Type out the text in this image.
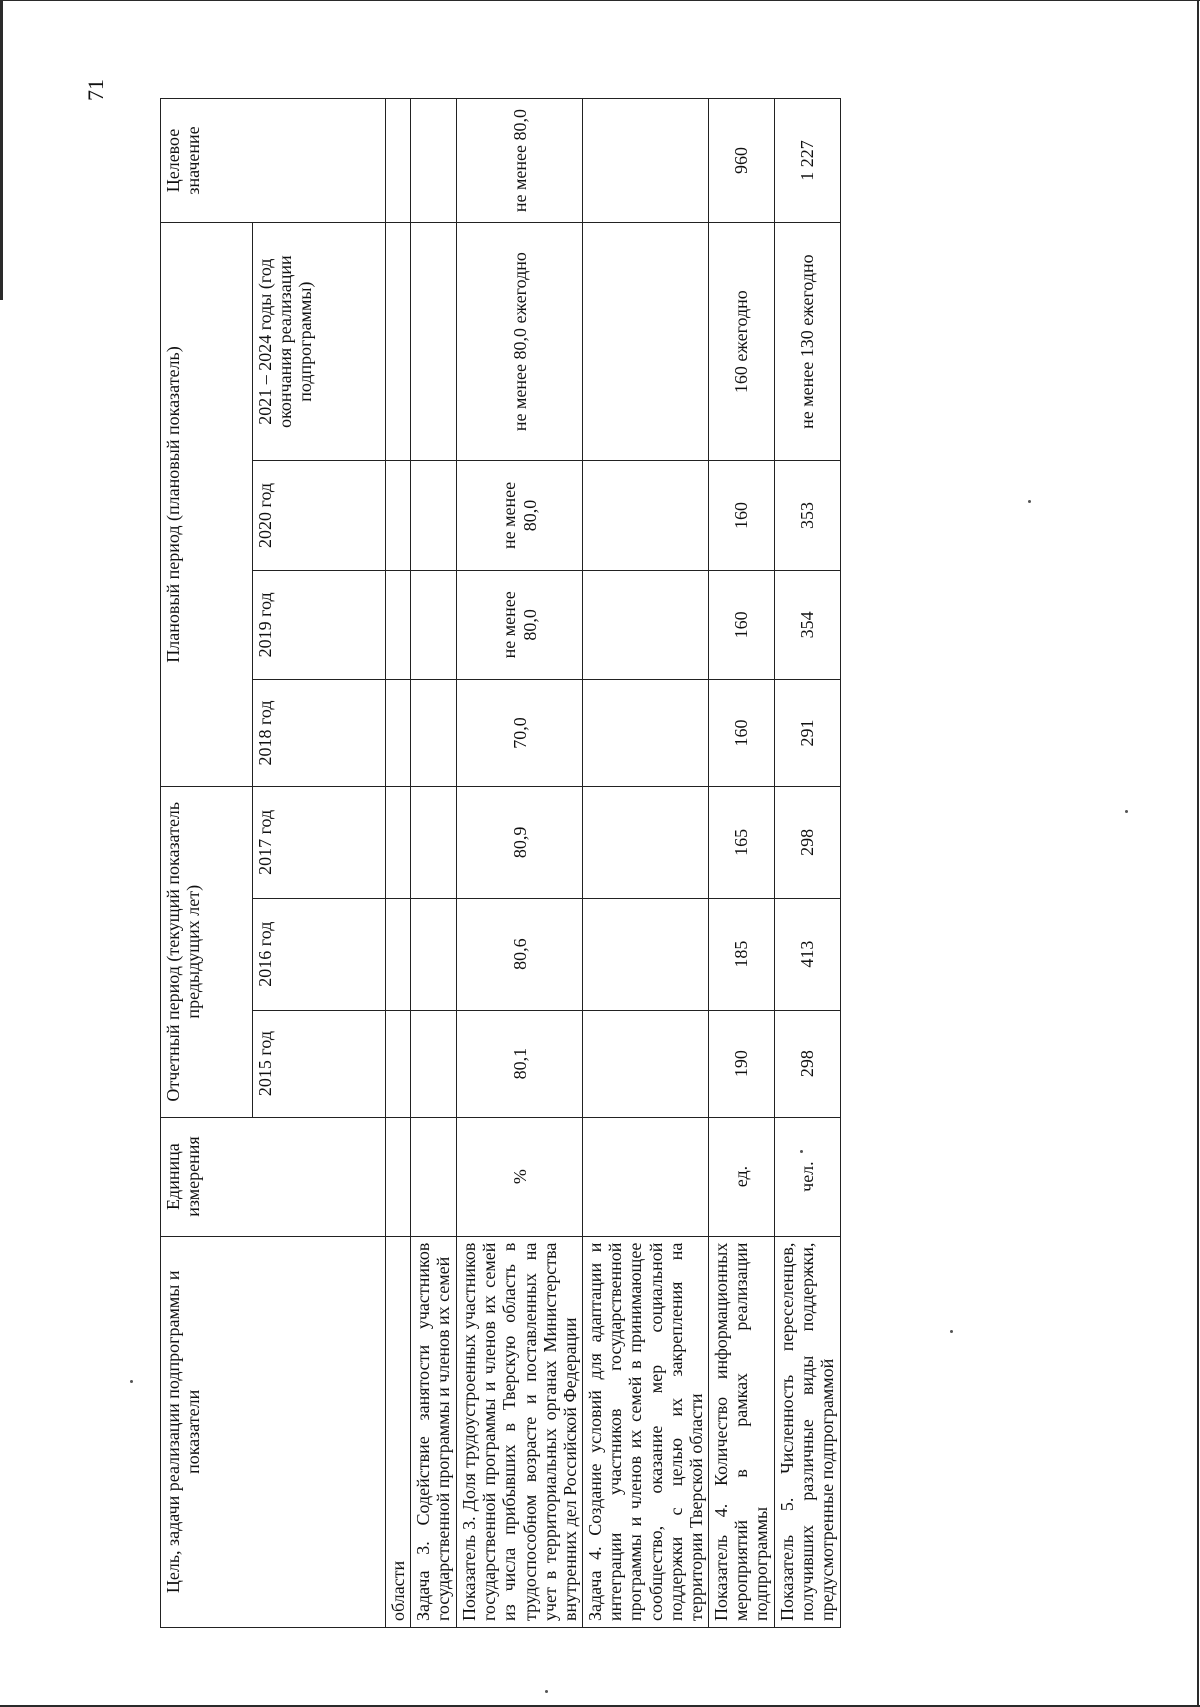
71
Цель, задачи реализации подпрограммы и показатели	Единица измерения	Отчетный период (текущий показатель предыдущих лет)			Плановый период (плановый показатель)				Целевое значение
		2015 год	2016 год	2017 год	2018 год	2019 год	2020 год	2021 – 2024 годы (год окончания реализации подпрограммы)	
области									
Задача 3. Содействие занятости участников государственной программы и членов их семей									
Показатель 3. Доля трудоустроенных участников государственной программы и членов их семей из числа прибывших в Тверскую область в трудоспособном возрасте и поставленных на учет в территориальных органах Министерства внутренних дел Российской Федерации	%	80,1	80,6	80,9	70,0	не менее 80,0	не менее 80,0	не менее 80,0 ежегодно	не менее 80,0
Задача 4. Создание условий для адаптации и интеграции участников государственной программы и членов их семей в принимающее сообщество, оказание мер социальной поддержки с целью их закрепления на территории Тверской области									
Показатель 4. Количество информационных мероприятий в рамках реализации подпрограммы	ед.	190	185	165	160	160	160	160 ежегодно	960
Показатель 5. Численность переселенцев, получивших различные виды поддержки, предусмотренные подпрограммой	чел.	298	413	298	291	354	353	не менее 130 ежегодно	1 227
